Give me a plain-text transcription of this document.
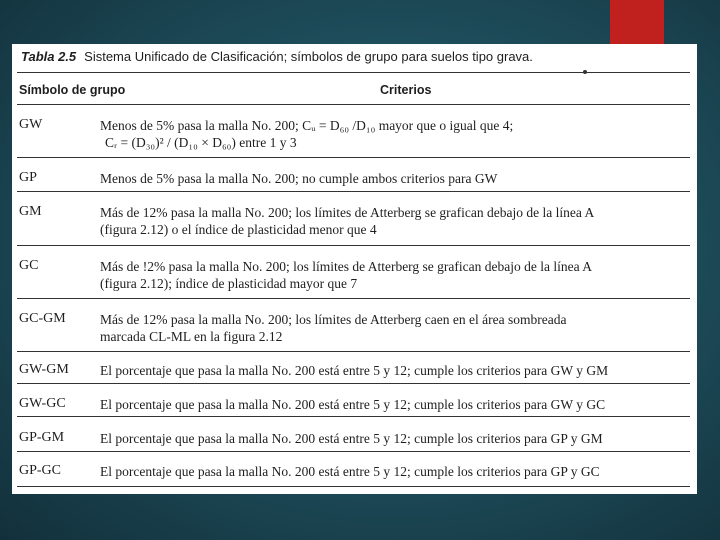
Tabla 2.5 Sistema Unificado de Clasificación; símbolos de grupo para suelos tipo grava.
Símbolo de grupo	Criterios
GW	Menos de 5% pasa la malla No. 200; Cᵤ = D₆₀ /D₁₀ mayor que o igual que 4;
Cᵣ = (D₃₀)² / (D₁₀ × D₆₀) entre 1 y 3
GP	Menos de 5% pasa la malla No. 200; no cumple ambos criterios para GW
GM	Más de 12% pasa la malla No. 200; los límites de Atterberg se grafican debajo de la línea A
(figura 2.12) o el índice de plasticidad menor que 4
GC	Más de !2% pasa la malla No. 200; los límites de Atterberg se grafican debajo de la línea A
(figura 2.12); índice de plasticidad mayor que 7
GC-GM	Más de 12% pasa la malla No. 200; los límites de Atterberg caen en el área sombreada
marcada CL-ML en la figura 2.12
GW-GM El porcentaje que pasa la malla No. 200 está entre 5 y 12; cumple los criterios para GW y GM
GW-GC	El porcentaje que pasa la malla No. 200 está entre 5 y 12; cumple los criterios para GW y GC
GP-GM	El porcentaje que pasa la malla No. 200 está entre 5 y 12; cumple los criterios para GP y GM
GP-GC	El porcentaje que pasa la malla No. 200 está entre 5 y 12; cumple los criterios para GP y GC
